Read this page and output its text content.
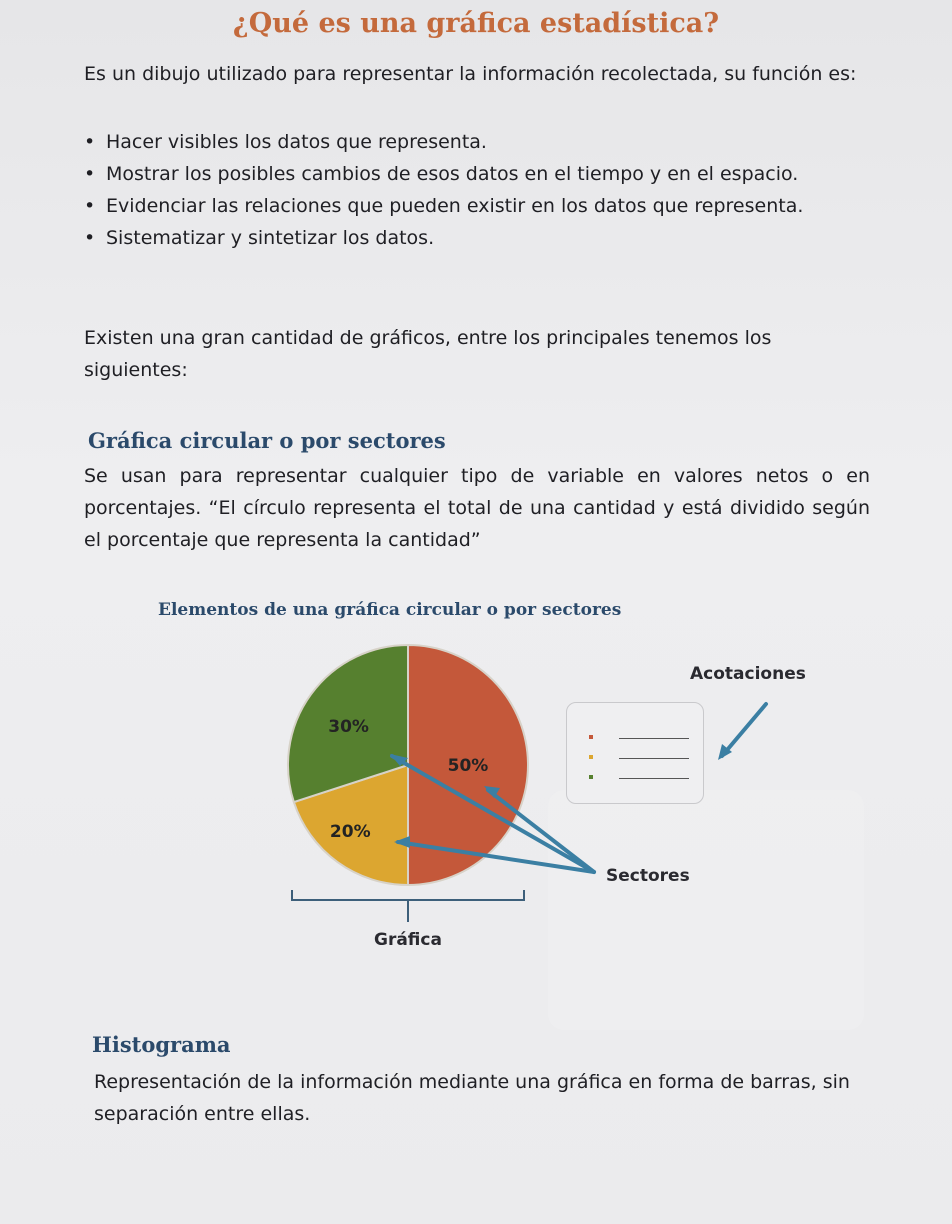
¿Qué es una gráfica estadística?

Es un dibujo utilizado para representar la información recolectada, su función es:

• Hacer visibles los datos que representa.
• Mostrar los posibles cambios de esos datos en el tiempo y en el espacio.
• Evidenciar las relaciones que pueden existir en los datos que representa.
• Sistematizar y sintetizar los datos.

Existen una gran cantidad de gráficos, entre los principales tenemos los siguientes:

Gráfica circular o por sectores

Se usan para representar cualquier tipo de variable en valores netos o en porcentajes. “El círculo representa el total de una cantidad y está dividido según el porcentaje que representa la cantidad”

Elementos de una gráfica circular o por sectores

50%
20%
30%

Acotaciones

Sectores

Gráfica

Histograma

Representación de la información mediante una gráfica en forma de barras, sin separación entre ellas.
